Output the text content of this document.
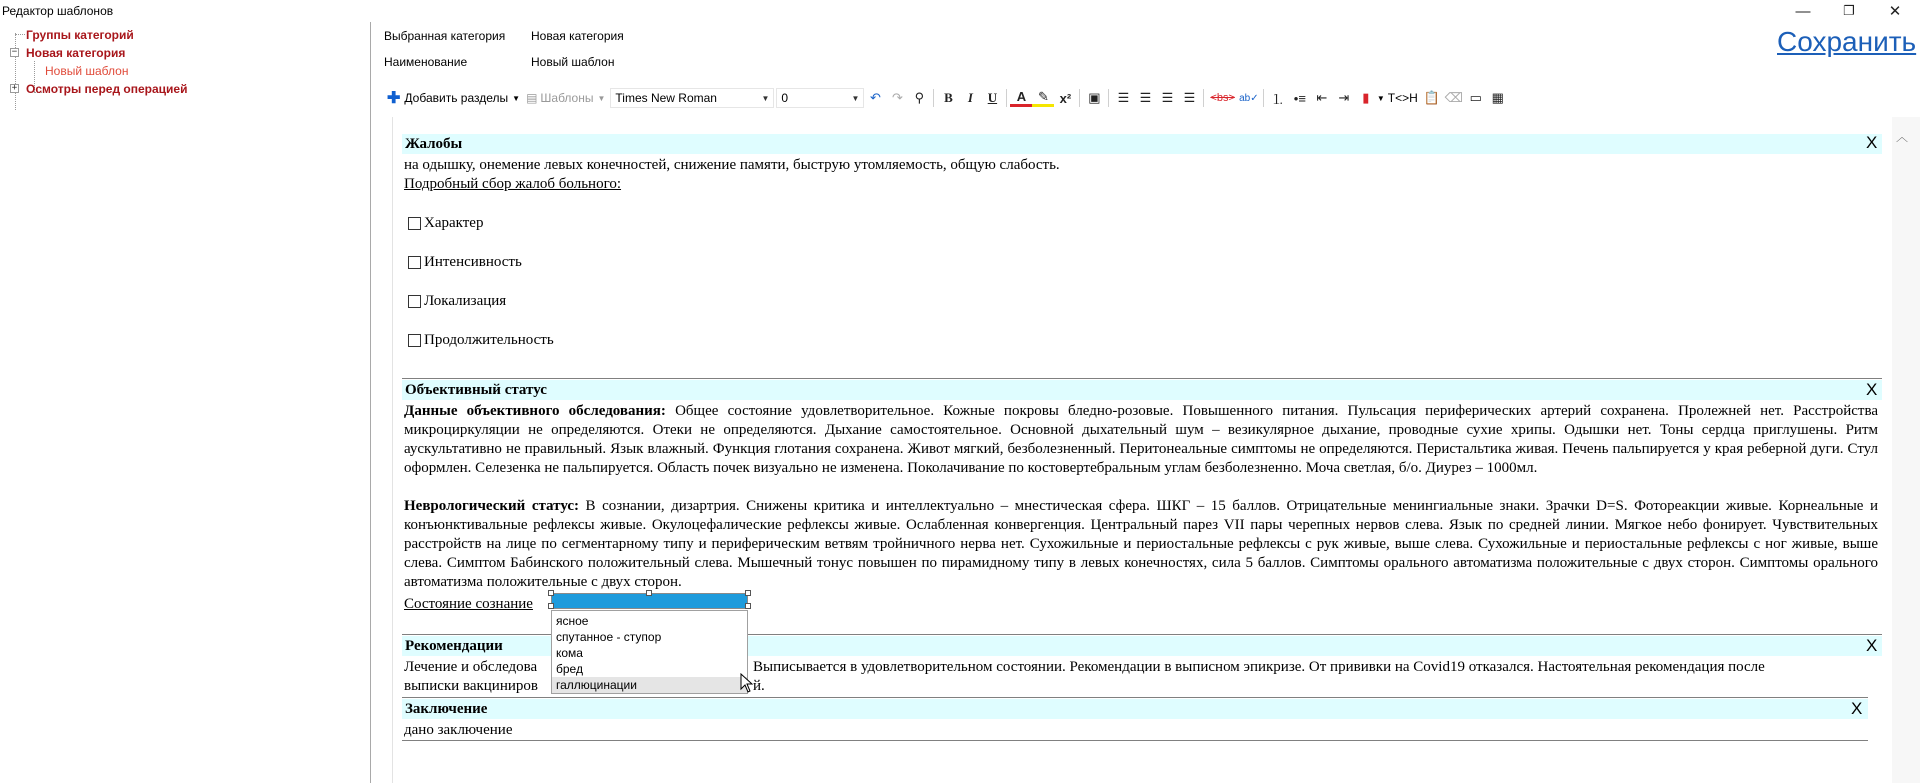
Редактор шаблонов	—	❐	✕
Группы категорий
− Новая категория
Новый шаблон
+ Осмотры перед операцией
Выбранная категория Новая категория
Наименование	Новый шаблон
Сохранить
✚ Добавить разделы ▼ ▤ Шаблоны ▼ Times New Roman	▼ 0	▼ ↶ ↷ ⚲	B	I	U	A ✎ x²	▣	☰ ☰ ☰ ☰	<bs> ab✓ ⒈ •≡ ⇤ ⇥ ▮ ▼ T<>H 📋 ⌫ ▭ ▦
︿
Жалобы	X
на одышку, онемение левых конечностей, снижение памяти, быструю утомляемость, общую слабость.
Подробный сбор жалоб больного:
Характер
Интенсивность
Локализация
Продолжительность
Объективный статус	X
Данные объективного обследования: Общее состояние удовлетворительное. Кожные покровы бледно-розовые. Повышенного питания. Пульсация периферических артерий сохранена. Пролежней нет. Расстройства микроциркуляции не определяются. Отеки не определяются. Дыхание самостоятельное. Основной дыхательный шум – везикулярное дыхание, проводные сухие хрипы. Одышки нет. Тоны сердца приглушены. Ритм аускультативно не правильный. Язык влажный. Функция глотания сохранена. Живот мягкий, безболезненный. Перитонеальные симптомы не определяются. Перистальтика живая. Печень пальпируется у края реберной дуги. Стул оформлен. Селезенка не пальпируется. Область почек визуально не изменена. Поколачивание по костовертебральным углам безболезненно. Моча светлая, б/о. Диурез – 1000мл.
Неврологический статус: В сознании, дизартрия. Снижены критика и интеллектуально – мнестическая сфера. ШКГ – 15 баллов. Отрицательные менингиальные знаки. Зрачки D=S. Фотореакции живые. Корнеальные и конъюнктивальные рефлексы живые. Окулоцефалические рефлексы живые. Ослабленная конвергенция. Центральный парез VII пары черепных нервов слева. Язык по средней линии. Мягкое небо фонирует. Чувствительных расстройств на лице по сегментарному типу и периферическим ветвям тройничного нерва нет. Сухожильные и периостальные рефлексы с рук живые, выше слева. Сухожильные и периостальные рефлексы с ног живые, выше слева. Симптом Бабинского положительный слева. Мышечный тонус повышен по пирамидному типу в левых конечностях, сила 5 баллов. Симптомы орального автоматизма положительные с двух сторон. Симптомы орального автоматизма положительные с двух сторон.
Состояние сознание
Рекомендации	X
Лечение и обследова	Выписывается в удовлетворительном состоянии. Рекомендации в выписном эпикризе. От прививки на Covid19 отказался. Настоятельная рекомендация после
выписки вакциниров	й.
Заключение	X
дано заключение
ясное
спутанное - ступор
кома
бред
галлюцинации
